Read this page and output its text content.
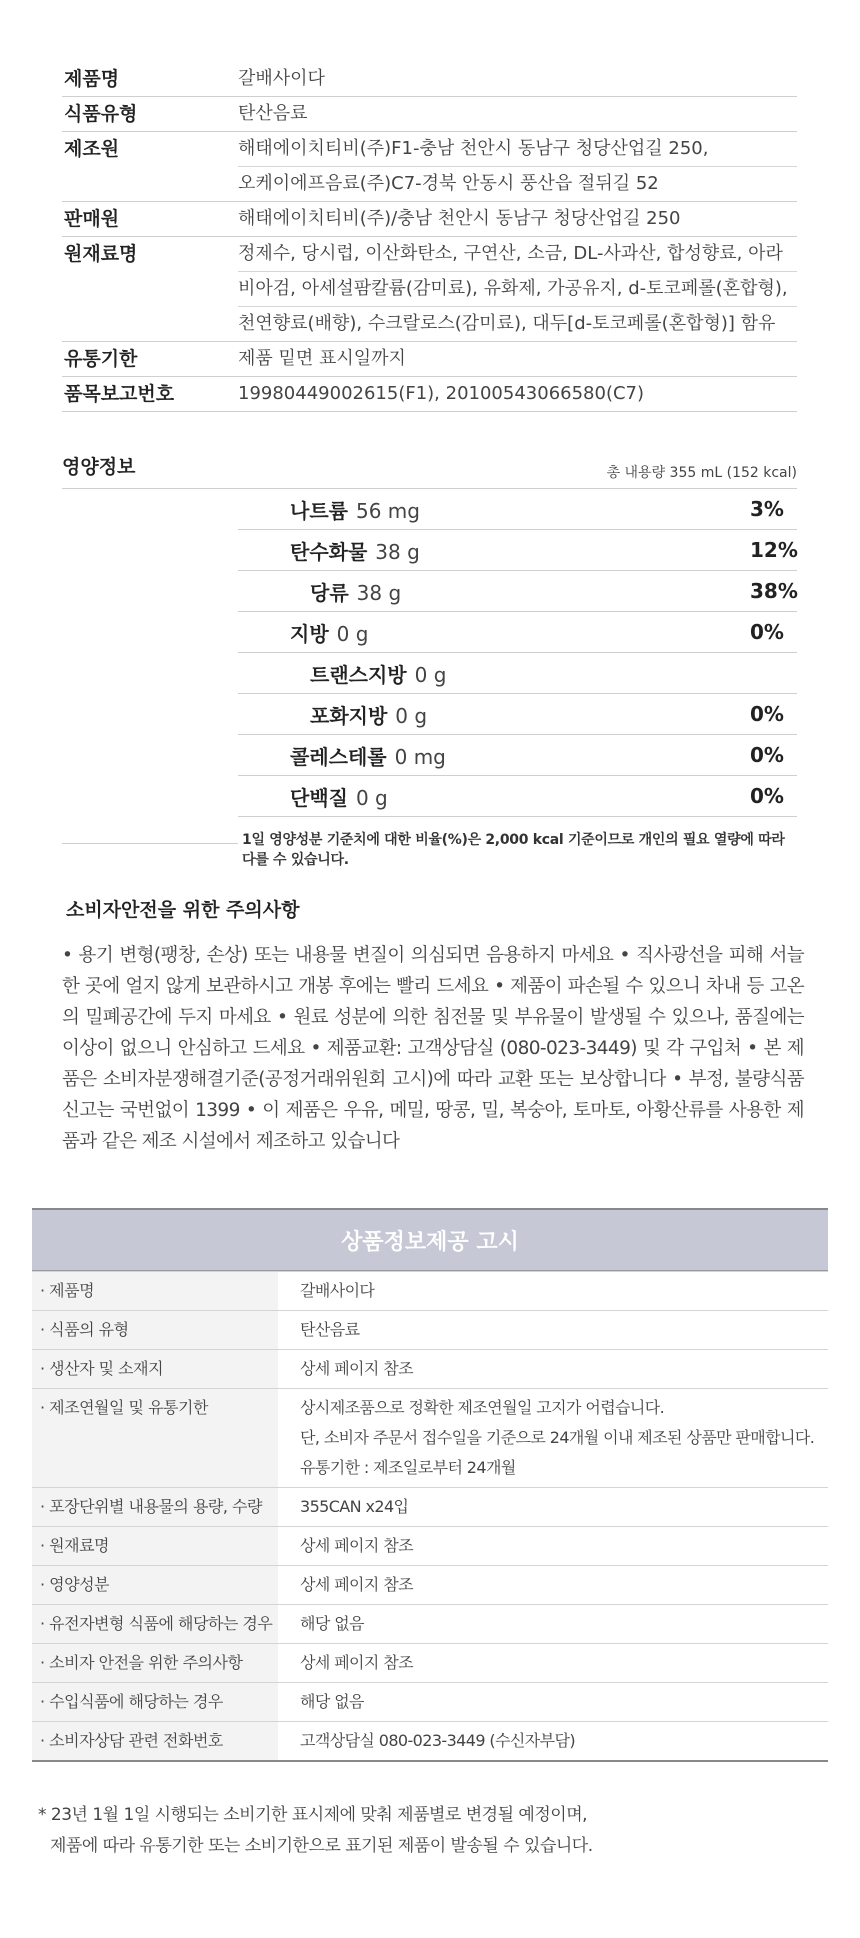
제품명	갈배사이다
식품유형	탄산음료
제조원	해태에이치티비(주)F1-충남 천안시 동남구 청당산업길 250,
오케이에프음료(주)C7-경북 안동시 풍산읍 절뒤길 52
판매원	해태에이치티비(주)/충남 천안시 동남구 청당산업길 250
원재료명	정제수, 당시럽, 이산화탄소, 구연산, 소금, DL-사과산, 합성향료, 아라
비아검, 아세설팜칼륨(감미료), 유화제, 가공유지, d-토코페롤(혼합형),
천연향료(배향), 수크랄로스(감미료), 대두[d-토코페롤(혼합형)] 함유
유통기한	제품 밑면 표시일까지
품목보고번호	19980449002615(F1), 20100543066580(C7)
영양정보	총 내용량 355 mL (152 kcal)
나트륨 56 mg	3%
탄수화물 38 g	12%
당류 38 g	38%
지방 0 g	0%
트랜스지방 0 g
포화지방 0 g	0%
콜레스테롤 0 mg	0%
단백질 0 g	0%
1일 영양성분 기준치에 대한 비율(%)은 2,000 kcal 기준이므로 개인의 필요 열량에 따라 다를 수 있습니다.
소비자안전을 위한 주의사항

• 용기 변형(팽창, 손상) 또는 내용물 변질이 의심되면 음용하지 마세요 • 직사광선을 피해 서늘한 곳에 얼지 않게 보관하시고 개봉 후에는 빨리 드세요 • 제품이 파손될 수 있으니 차내 등 고온의 밀폐공간에 두지 마세요 • 원료 성분에 의한 침전물 및 부유물이 발생될 수 있으나, 품질에는 이상이 없으니 안심하고 드세요 • 제품교환: 고객상담실 (080-023-3449) 및 각 구입처 • 본 제품은 소비자분쟁해결기준(공정거래위원회 고시)에 따라 교환 또는 보상합니다 • 부정, 불량식품 신고는 국번없이 1399 • 이 제품은 우유, 메밀, 땅콩, 밀, 복숭아, 토마토, 아황산류를 사용한 제품과 같은 제조 시설에서 제조하고 있습니다

상품정보제공 고시
· 제품명	갈배사이다
· 식품의 유형	탄산음료
· 생산자 및 소재지	상세 페이지 참조
· 제조연월일 및 유통기한	상시제조품으로 정확한 제조연월일 고지가 어렵습니다.
단, 소비자 주문서 접수일을 기준으로 24개월 이내 제조된 상품만 판매합니다.
유통기한 : 제조일로부터 24개월
· 포장단위별 내용물의 용량, 수량	355CAN x24입
· 원재료명	상세 페이지 참조
· 영양성분	상세 페이지 참조
· 유전자변형 식품에 해당하는 경우	해당 없음
· 소비자 안전을 위한 주의사항	상세 페이지 참조
· 수입식품에 해당하는 경우	해당 없음
· 소비자상담 관련 전화번호	고객상담실 080-023-3449 (수신자부담)
* 23년 1월 1일 시행되는 소비기한 표시제에 맞춰 제품별로 변경될 예정이며,
제품에 따라 유통기한 또는 소비기한으로 표기된 제품이 발송될 수 있습니다.
